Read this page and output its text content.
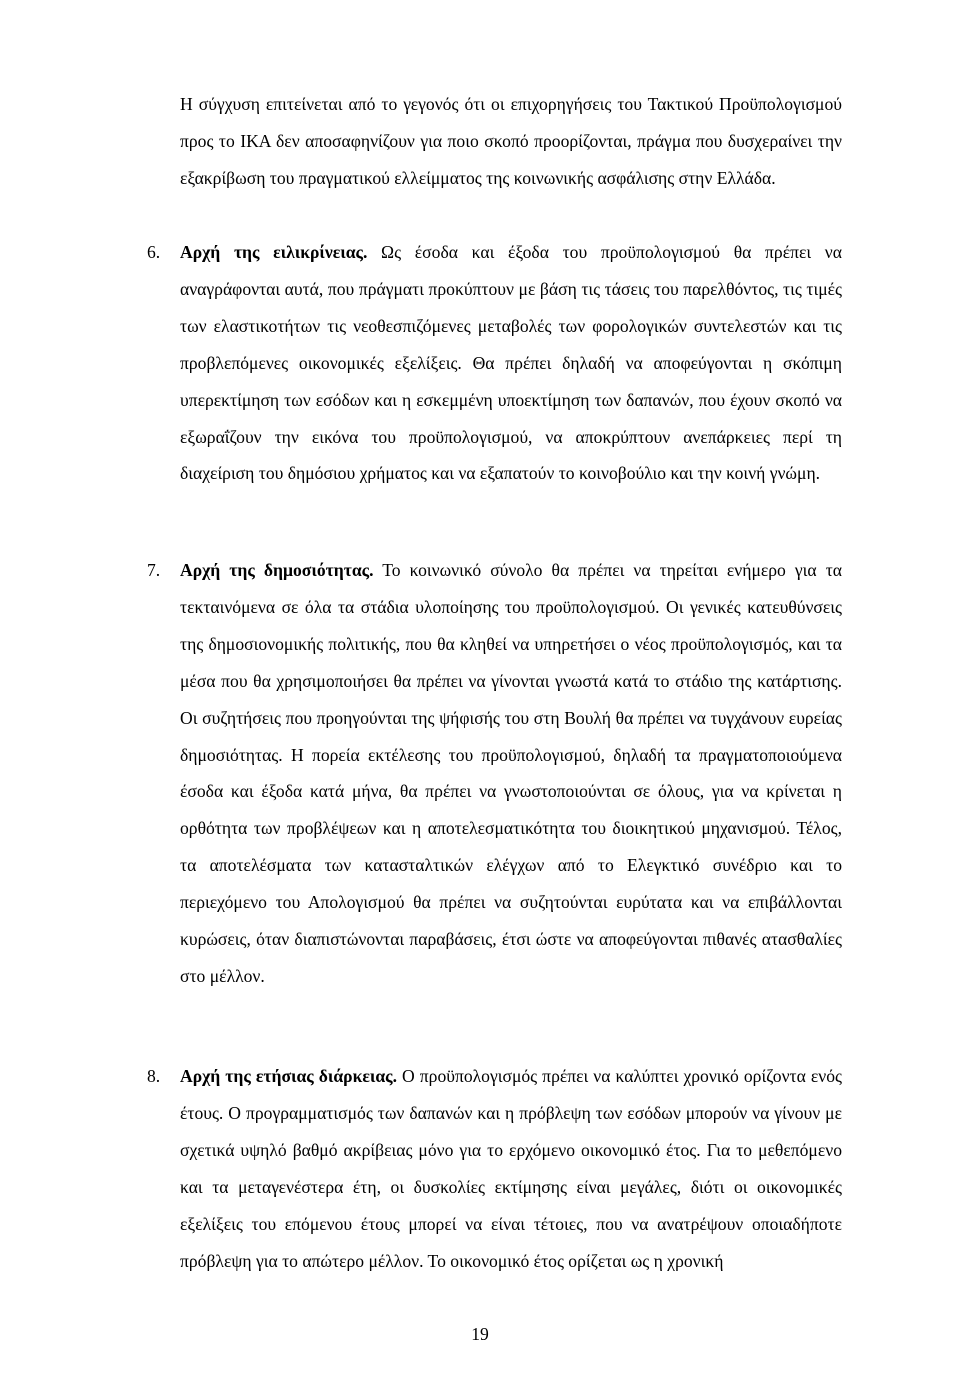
Η σύγχυση επιτείνεται από το γεγονός ότι οι επιχορηγήσεις του Τακτικού Προϋπολογισμού προς το ΙΚΑ δεν αποσαφηνίζουν για ποιο σκοπό προορίζονται, πράγμα που δυσχεραίνει την εξακρίβωση του πραγματικού ελλείμματος της κοινωνικής ασφάλισης στην Ελλάδα.

6. Αρχή της ειλικρίνειας. Ως έσοδα και έξοδα του προϋπολογισμού θα πρέπει να αναγράφονται αυτά, που πράγματι προκύπτουν με βάση τις τάσεις του παρελθόντος, τις τιμές των ελαστικοτήτων τις νεοθεσπιζόμενες μεταβολές των φορολογικών συντελεστών και τις προβλεπόμενες οικονομικές εξελίξεις. Θα πρέπει δηλαδή να αποφεύγονται η σκόπιμη υπερεκτίμηση των εσόδων και η εσκεμμένη υποεκτίμηση των δαπανών, που έχουν σκοπό να εξωραΐζουν την εικόνα του προϋπολογισμού, να αποκρύπτουν ανεπάρκειες περί τη διαχείριση του δημόσιου χρήματος και να εξαπατούν το κοινοβούλιο και την κοινή γνώμη.

7. Αρχή της δημοσιότητας. Το κοινωνικό σύνολο θα πρέπει να τηρείται ενήμερο για τα τεκταινόμενα σε όλα τα στάδια υλοποίησης του προϋπολογισμού. Οι γενικές κατευθύνσεις της δημοσιονομικής πολιτικής, που θα κληθεί να υπηρετήσει ο νέος προϋπολογισμός, και τα μέσα που θα χρησιμοποιήσει θα πρέπει να γίνονται γνωστά κατά το στάδιο της κατάρτισης. Οι συζητήσεις που προηγούνται της ψήφισής του στη Βουλή θα πρέπει να τυγχάνουν ευρείας δημοσιότητας. Η πορεία εκτέλεσης του προϋπολογισμού, δηλαδή τα πραγματοποιούμενα έσοδα και έξοδα κατά μήνα, θα πρέπει να γνωστοποιούνται σε όλους, για να κρίνεται η ορθότητα των προβλέψεων και η αποτελεσματικότητα του διοικητικού μηχανισμού. Τέλος, τα αποτελέσματα των κατασταλτικών ελέγχων από το Ελεγκτικό συνέδριο και το περιεχόμενο του Απολογισμού θα πρέπει να συζητούνται ευρύτατα και να επιβάλλονται κυρώσεις, όταν διαπιστώνονται παραβάσεις, έτσι ώστε να αποφεύγονται πιθανές ατασθαλίες στο μέλλον.

8. Αρχή της ετήσιας διάρκειας. Ο προϋπολογισμός πρέπει να καλύπτει χρονικό ορίζοντα ενός έτους. Ο προγραμματισμός των δαπανών και η πρόβλεψη των εσόδων μπορούν να γίνουν με σχετικά υψηλό βαθμό ακρίβειας μόνο για το ερχόμενο οικονομικό έτος. Για το μεθεπόμενο και τα μεταγενέστερα έτη, οι δυσκολίες εκτίμησης είναι μεγάλες, διότι οι οικονομικές εξελίξεις του επόμενου έτους μπορεί να είναι τέτοιες, που να ανατρέψουν οποιαδήποτε πρόβλεψη για το απώτερο μέλλον. Το οικονομικό έτος ορίζεται ως η χρονική

19
